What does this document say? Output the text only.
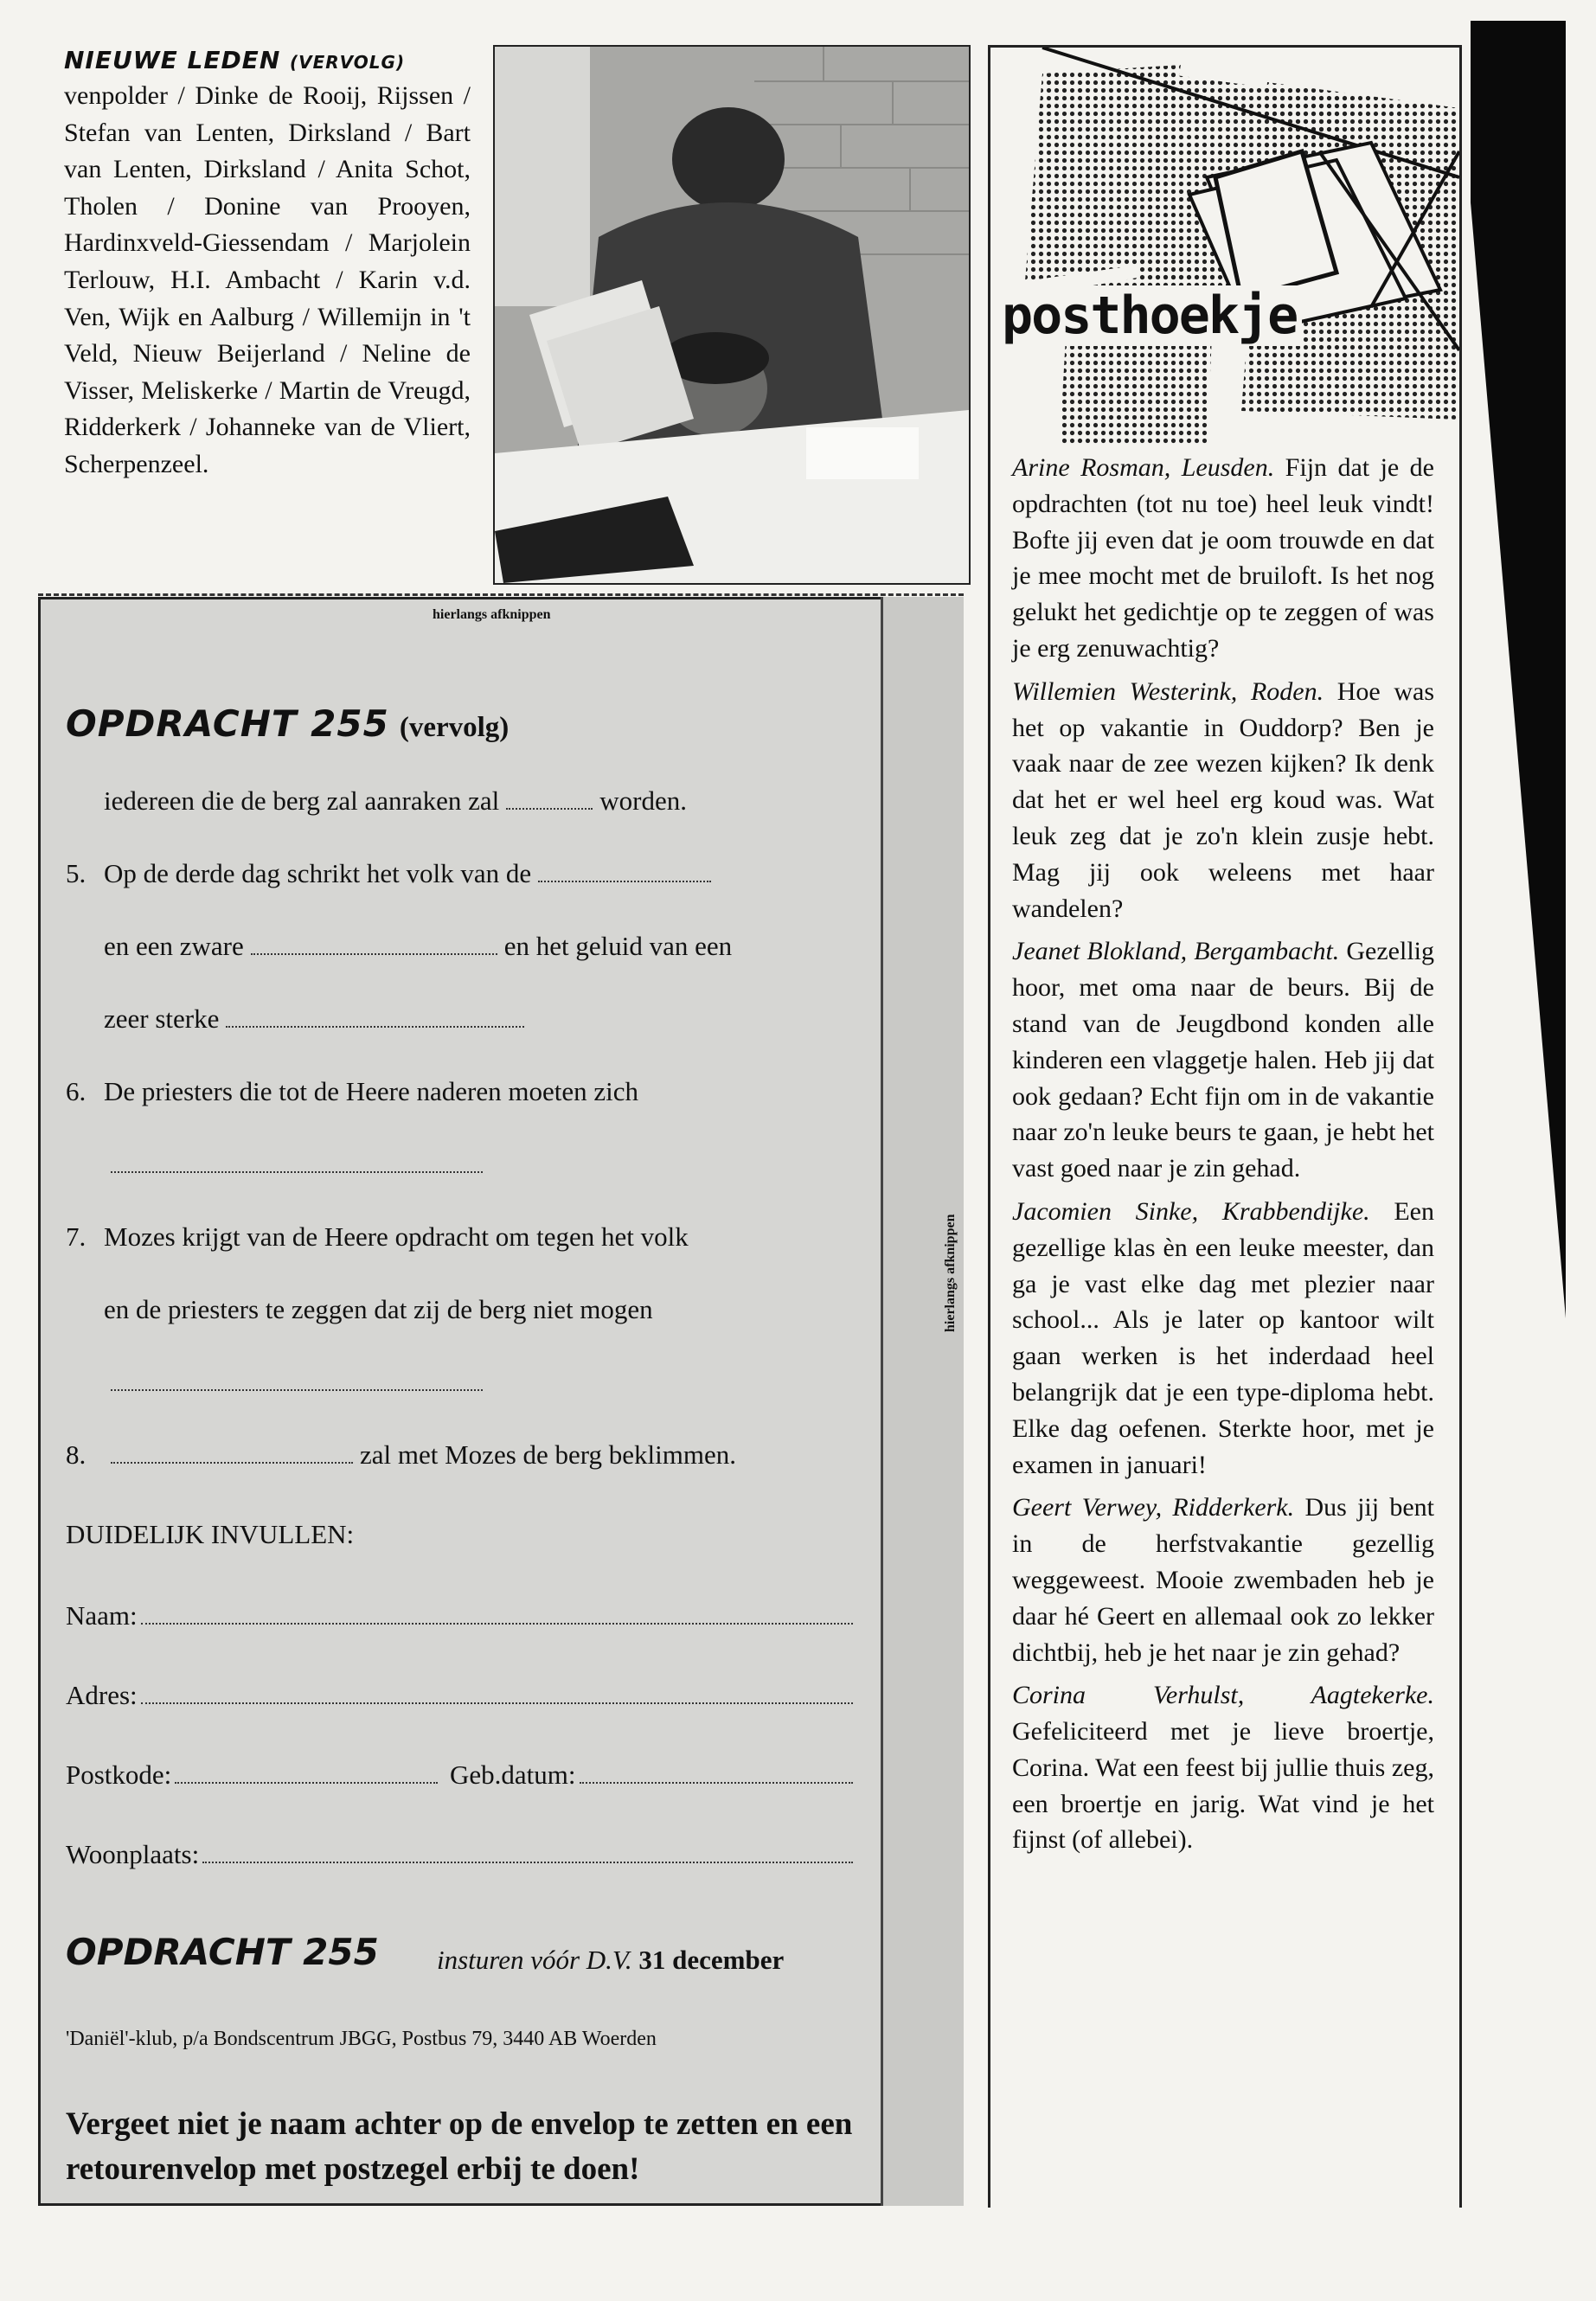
NIEUWE LEDEN (VERVOLG)
venpolder / Dinke de Rooij, Rijssen / Stefan van Lenten, Dirksland / Bart van Lenten, Dirksland / Anita Schot, Tholen / Donine van Prooyen, Hardinxveld-Giessendam / Marjolein Terlouw, H.I. Ambacht / Karin v.d. Ven, Wijk en Aalburg / Willemijn in 't Veld, Nieuw Beijerland / Neline de Visser, Meliskerke / Martin de Vreugd, Ridderkerk / Johanneke van de Vliert, Scherpenzeel.
hierlangs afknippen
hierlangs afknippen
OPDRACHT 255 (vervolg)
iedereen die de berg zal aanraken zal	worden.
5. Op de derde dag schrikt het volk van de
en een zware	en het geluid van een
zeer sterke
6. De priesters die tot de Heere naderen moeten zich
7. Mozes krijgt van de Heere opdracht om tegen het volk
en de priesters te zeggen dat zij de berg niet mogen
8.	zal met Mozes de berg beklimmen.
DUIDELIJK INVULLEN:
Naam:
Adres:
Postkode:	Geb.datum:
Woonplaats:
OPDRACHT 255 insturen vóór D.V. 31 december
'Daniël'-klub, p/a Bondscentrum JBGG, Postbus 79, 3440 AB Woerden
Vergeet niet je naam achter op de envelop te zetten en een retourenvelop met postzegel erbij te doen!
posthoekje

Arine Rosman, Leusden. Fijn dat je de opdrachten (tot nu toe) heel leuk vindt! Bofte jij even dat je oom trouwde en dat je mee mocht met de bruiloft. Is het nog gelukt het gedichtje op te zeggen of was je erg zenuwachtig?

Willemien Westerink, Roden. Hoe was het op vakantie in Ouddorp? Ben je vaak naar de zee wezen kijken? Ik denk dat het er wel heel erg koud was. Wat leuk zeg dat je zo'n klein zusje hebt. Mag jij ook weleens met haar wandelen?

Jeanet Blokland, Bergambacht. Gezellig hoor, met oma naar de beurs. Bij de stand van de Jeugdbond konden alle kinderen een vlaggetje halen. Heb jij dat ook gedaan? Echt fijn om in de vakantie naar zo'n leuke beurs te gaan, je hebt het vast goed naar je zin gehad.

Jacomien Sinke, Krabbendijke. Een gezellige klas èn een leuke meester, dan ga je vast elke dag met plezier naar school... Als je later op kantoor wilt gaan werken is het inderdaad heel belangrijk dat je een type-diploma hebt. Elke dag oefenen. Sterkte hoor, met je examen in januari!

Geert Verwey, Ridderkerk. Dus jij bent in de herfstvakantie gezellig weggeweest. Mooie zwembaden heb je daar hé Geert en allemaal ook zo lekker dichtbij, heb je het naar je zin gehad?

Corina Verhulst, Aagtekerke. Gefeliciteerd met je lieve broertje, Corina. Wat een feest bij jullie thuis zeg, een broertje en jarig. Wat vind je het fijnst (of allebei).
